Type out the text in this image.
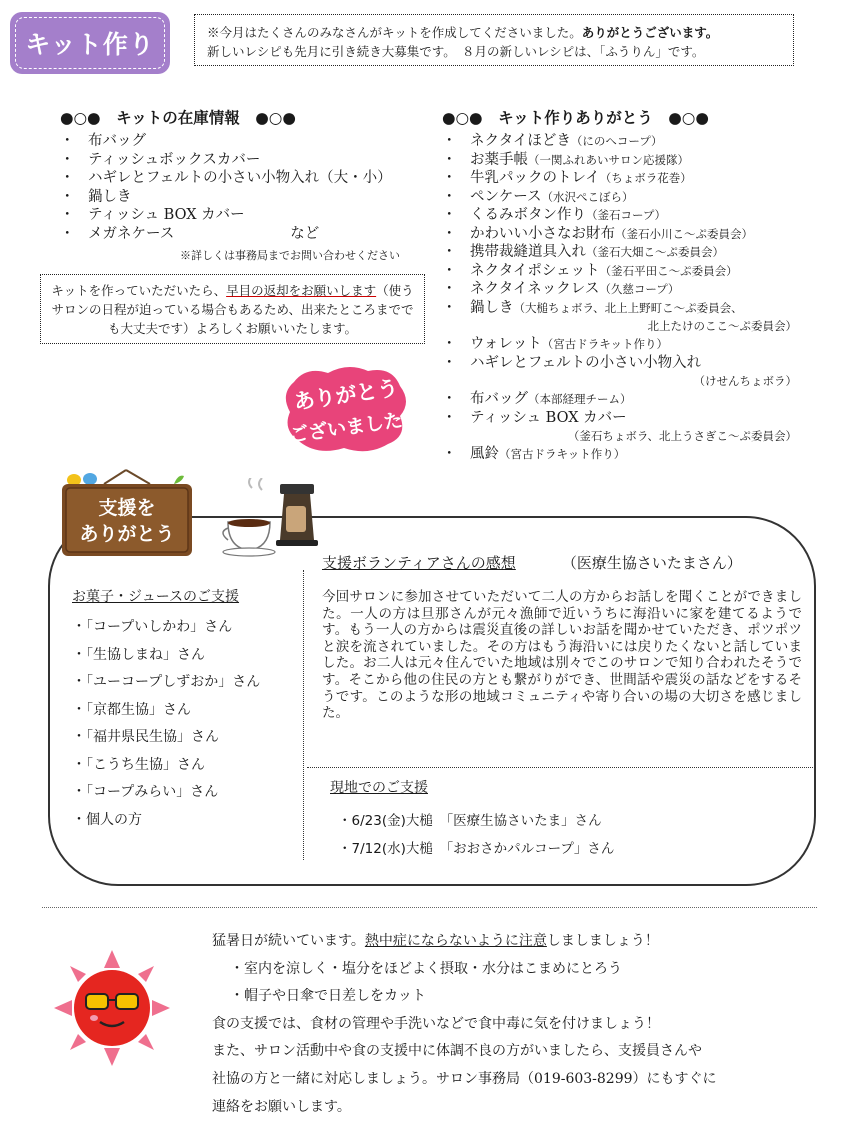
キット作り	※今月はたくさんのみなさんがキットを作成してくださいました。ありがとうございます。
新しいレシピも先月に引き続き大募集です。　８月の新しいレシピは、「ふうりん」です。
●○●　キットの在庫情報　●○●
・ 布バッグ
・ ティッシュボックスカバー
・ ハギレとフェルトの小さい小物入れ（大・小）
・ 鍋しき
・ ティッシュ BOX カバー
・ メガネケース　　　　　　　　など
※詳しくは事務局までお問い合わせください
キットを作っていただいたら、早目の返却をお願いします（使うサロンの日程が迫っている場合もあるため、出来たところまででも大丈夫です）よろしくお願いいたします。
●○●　キット作りありがとう　●○●
・ ネクタイほどき（にのへコープ）
・ お薬手帳（一関ふれあいサロン応援隊）
・ 牛乳パックのトレイ（ちょボラ花巻）
・ ペンケース（水沢ぺこぼら）
・ くるみボタン作り（釜石コープ）
・ かわいい小さなお財布（釜石小川こ～ぷ委員会）
・ 携帯裁縫道具入れ（釜石大畑こ～ぷ委員会）
・ ネクタイポシェット（釜石平田こ～ぷ委員会）
・ ネクタイネックレス（久慈コープ）
・ 鍋しき（大槌ちょボラ、北上上野町こ～ぷ委員会、
北上たけのここ～ぷ委員会）
・ ウォレット（宮古ドラキット作り）
・ ハギレとフェルトの小さい小物入れ
（けせんちょボラ）
・ 布バッグ（本部経理チーム）
・ ティッシュ BOX カバー
（釜石ちょボラ、北上うさぎこ～ぷ委員会）
・ 風鈴（宮古ドラキット作り）
ありがとう
ございました
支援を
ありがとう
お菓子・ジュースのご支援
・「コープいしかわ」さん
・「生協しまね」さん
・「ユーコープしずおか」さん
・「京都生協」さん
・「福井県民生協」さん
・「こうち生協」さん
・「コープみらい」さん
・個人の方
支援ボランティアさんの感想	（医療生協さいたまさん）

今回サロンに参加させていただいて二人の方からお話しを聞くことができました。一人の方は旦那さんが元々漁師で近いうちに海沿いに家を建てるようです。もう一人の方からは震災直後の詳しいお話を聞かせていただき、ポツポツと涙を流されていました。その方はもう海沿いには戻りたくないと話していました。お二人は元々住んでいた地域は別々でこのサロンで知り合われたそうです。そこから他の住民の方とも繋がりができ、世間話や震災の話などをするそうです。このような形の地域コミュニティや寄り合いの場の大切さを感じました。

現地でのご支援
・6/23(金)大槌　「医療生協さいたま」さん
・7/12(水)大槌　「おおさかパルコープ」さん
猛暑日が続いています。熱中症にならないように注意しましましょう！
・室内を涼しく・塩分をほどよく摂取・水分はこまめにとろう
・帽子や日傘で日差しをカット
食の支援では、食材の管理や手洗いなどで食中毒に気を付けましょう！
また、サロン活動中や食の支援中に体調不良の方がいましたら、支援員さんや
社協の方と一緒に対応しましょう。サロン事務局（019-603-8299）にもすぐに
連絡をお願いします。
